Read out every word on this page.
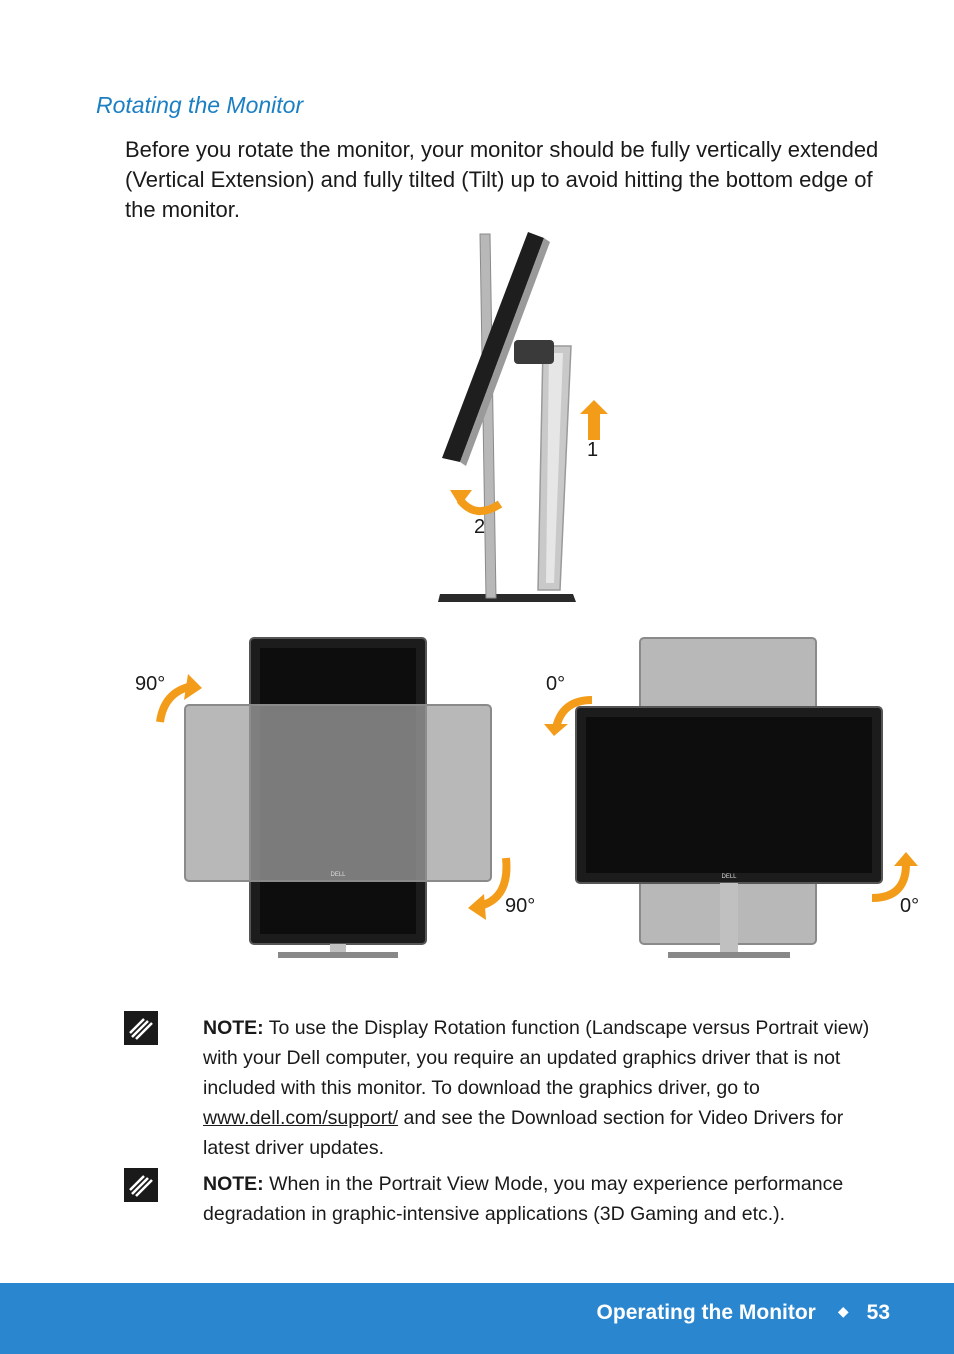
Rotating the Monitor

Before you rotate the monitor, your monitor should be fully vertically extended (Vertical Extension) and fully tilted (Tilt) up to avoid hitting the bottom edge of the monitor.

1
2
DELL
90°
90°
DELL
0°
0°

NOTE: To use the Display Rotation function (Landscape versus Portrait view) with your Dell computer, you require an updated graphics driver that is not included with this monitor. To download the graphics driver, go to www.dell.com/support/ and see the Download section for Video Drivers for latest driver updates.

NOTE: When in the Portrait View Mode, you may experience performance degradation in graphic-intensive applications (3D Gaming and etc.).

Operating the Monitor ◆ 53
